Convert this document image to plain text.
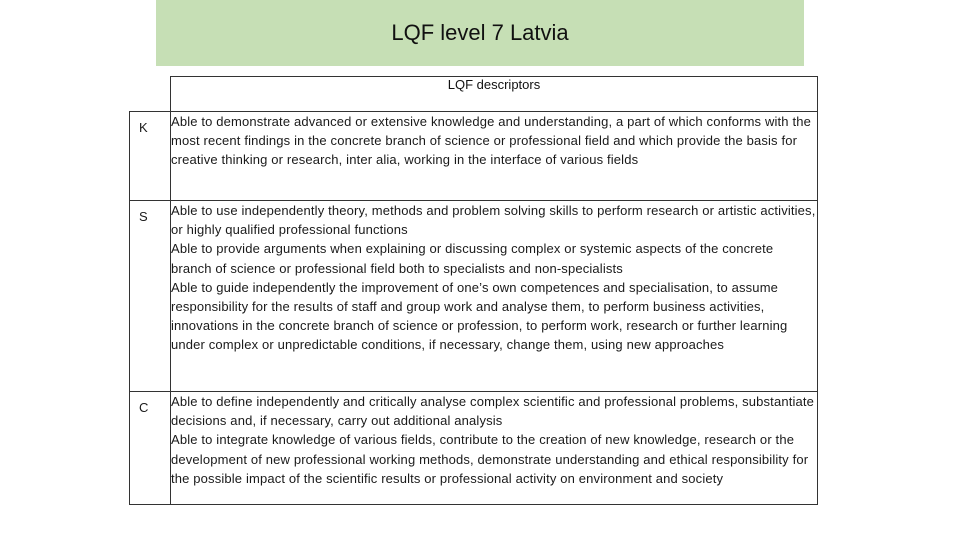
LQF level 7 Latvia

	LQF descriptors

K	Able to demonstrate advanced or extensive knowledge and understanding, a part of which conforms with the most recent findings in the concrete branch of science or professional field and which provide the basis for creative thinking or research, inter alia, working in the interface of various fields

S	Able to use independently theory, methods and problem solving skills to perform research or artistic activities, or highly qualified professional functions

Able to provide arguments when explaining or discussing complex or systemic aspects of the concrete branch of science or professional field both to specialists and non-specialists

Able to guide independently the improvement of one’s own competences and specialisation, to assume responsibility for the results of staff and group work and analyse them, to perform business activities, innovations in the concrete branch of science or profession, to perform work, research or further learning under complex or unpredictable conditions, if necessary, change them, using new approaches

C	Able to define independently and critically analyse complex scientific and professional problems, substantiate decisions and, if necessary, carry out additional analysis

Able to integrate knowledge of various fields, contribute to the creation of new knowledge, research or the development of new professional working methods, demonstrate understanding and ethical responsibility for the possible impact of the scientific results or professional activity on environment and society
